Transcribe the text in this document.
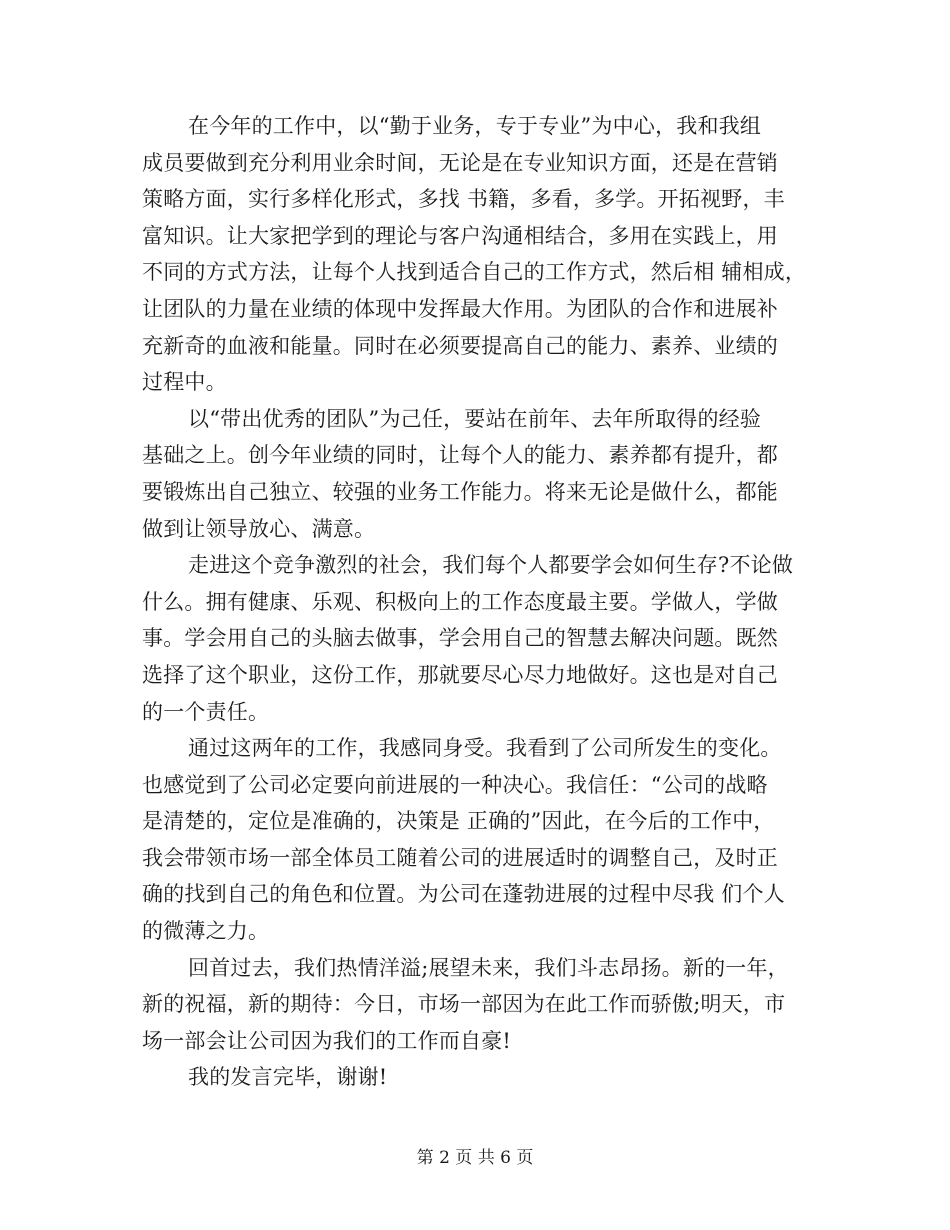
在今年的工作中，以“勤于业务，专于专业”为中心，我和我组

成员要做到充分利用业余时间，无论是在专业知识方面，还是在营销

策略方面，实行多样化形式，多找 书籍，多看，多学。开拓视野，丰

富知识。让大家把学到的理论与客户沟通相结合，多用在实践上，用

不同的方式方法，让每个人找到适合自己的工作方式，然后相 辅相成，

让团队的力量在业绩的体现中发挥最大作用。为团队的合作和进展补

充新奇的血液和能量。同时在必须要提高自己的能力、素养、业绩的

过程中。

以“带出优秀的团队”为己任，要站在前年、去年所取得的经验

基础之上。创今年业绩的同时，让每个人的能力、素养都有提升，都

要锻炼出自己独立、较强的业务工作能力。将来无论是做什么，都能

做到让领导放心、满意。

走进这个竞争激烈的社会，我们每个人都要学会如何生存?不论做

什么。拥有健康、乐观、积极向上的工作态度最主要。学做人，学做

事。学会用自己的头脑去做事，学会用自己的智慧去解决问题。既然

选择了这个职业，这份工作，那就要尽心尽力地做好。这也是对自己

的一个责任。

通过这两年的工作，我感同身受。我看到了公司所发生的变化。

也感觉到了公司必定要向前进展的一种决心。我信任：“公司的战略

是清楚的，定位是准确的，决策是 正确的”因此，在今后的工作中，

我会带领市场一部全体员工随着公司的进展适时的调整自己，及时正

确的找到自己的角色和位置。为公司在蓬勃进展的过程中尽我 们个人

的微薄之力。

回首过去，我们热情洋溢;展望未来，我们斗志昂扬。新的一年，

新的祝福，新的期待：今日，市场一部因为在此工作而骄傲;明天，市

场一部会让公司因为我们的工作而自豪!

我的发言完毕，谢谢!

第 2 页 共 6 页
